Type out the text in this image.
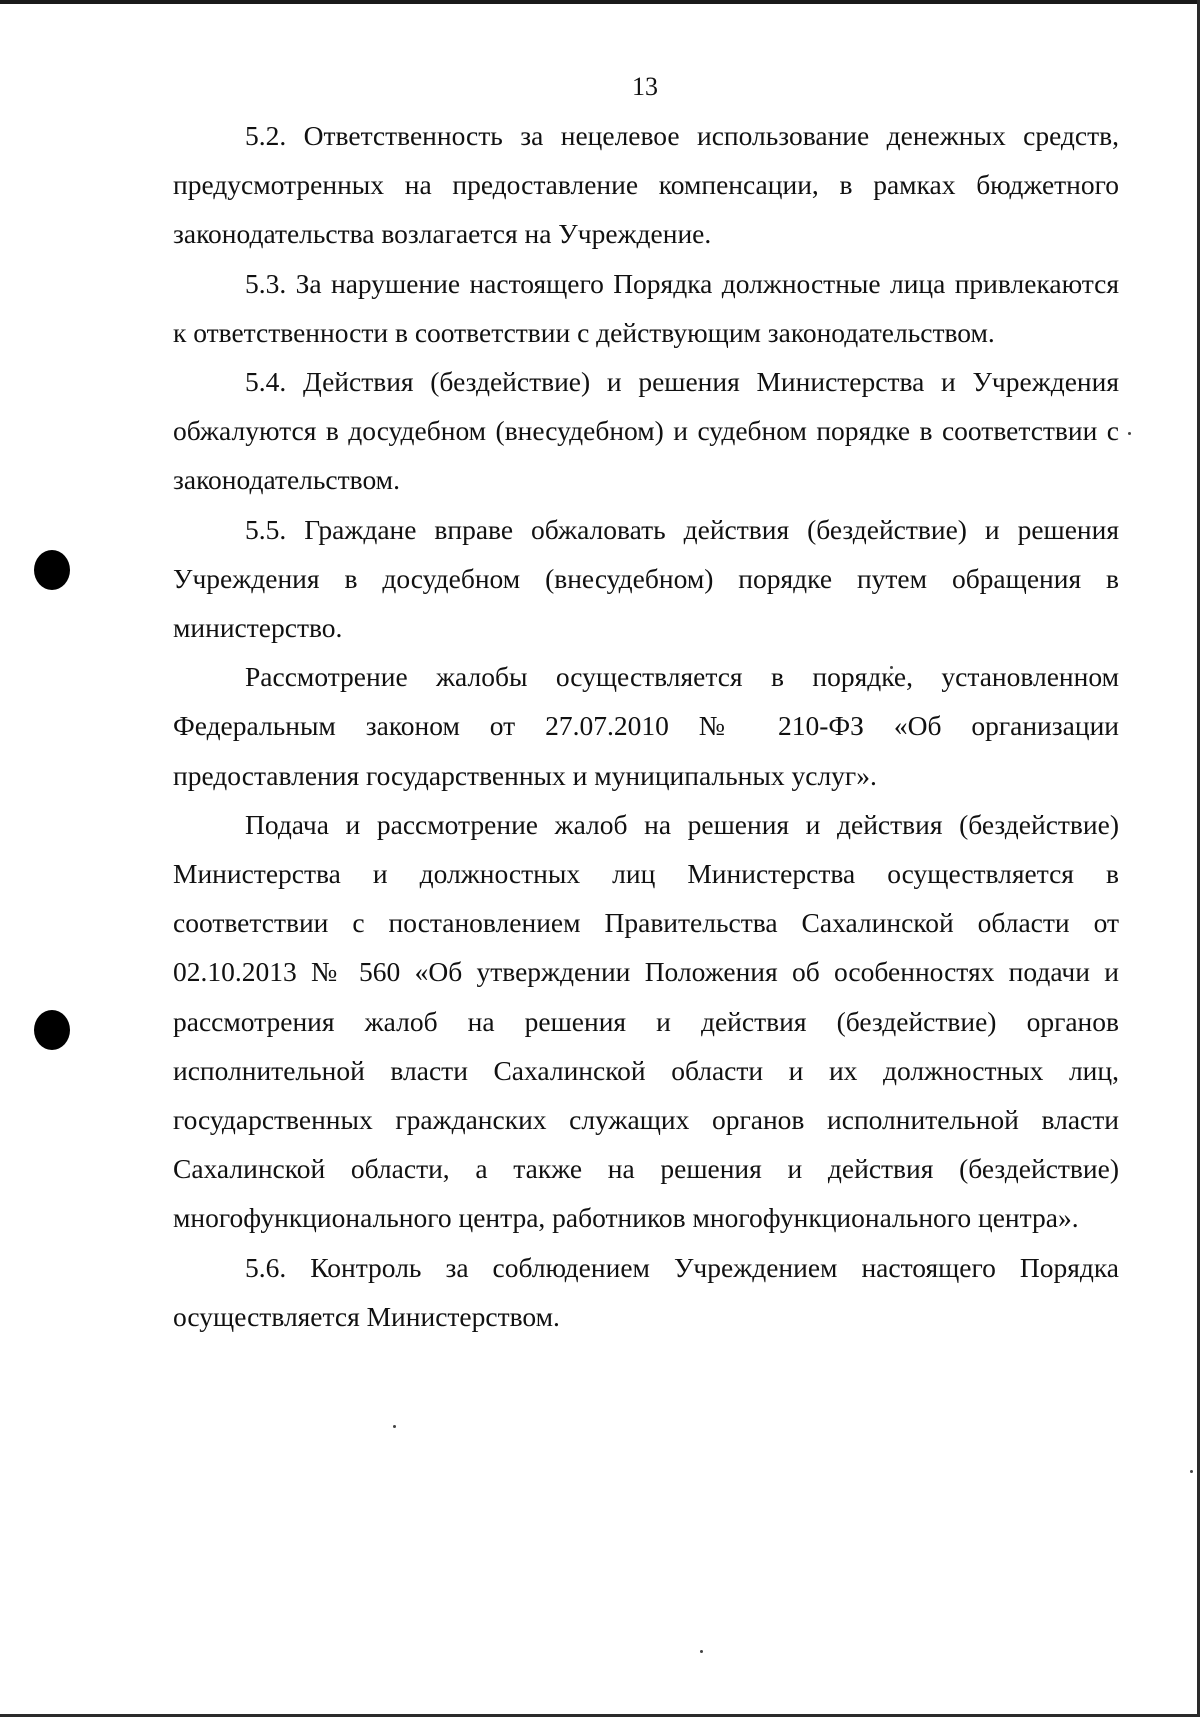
13

5.2. Ответственность за нецелевое использование денежных средств, предусмотренных на предоставление компенсации, в рамках бюджетного законодательства возлагается на Учреждение.

5.3. За нарушение настоящего Порядка должностные лица привлекаются к ответственности в соответствии с действующим законодательством.

5.4. Действия (бездействие) и решения Министерства и Учреждения обжалуются в досудебном (внесудебном) и судебном порядке в соответствии с законодательством.

5.5. Граждане вправе обжаловать действия (бездействие) и решения Учреждения в досудебном (внесудебном) порядке путем обращения в министерство.

Рассмотрение жалобы осуществляется в порядке, установленном Федеральным законом от 27.07.2010 № 210-ФЗ «Об организации предоставления государственных и муниципальных услуг».

Подача и рассмотрение жалоб на решения и действия (бездействие) Министерства и должностных лиц Министерства осуществляется в соответствии с постановлением Правительства Сахалинской области от 02.10.2013 № 560 «Об утверждении Положения об особенностях подачи и рассмотрения жалоб на решения и действия (бездействие) органов исполнительной власти Сахалинской области и их должностных лиц, государственных гражданских служащих органов исполнительной власти Сахалинской области, а также на решения и действия (бездействие) многофункционального центра, работников многофункционального центра».

5.6. Контроль за соблюдением Учреждением настоящего Порядка осуществляется Министерством.
